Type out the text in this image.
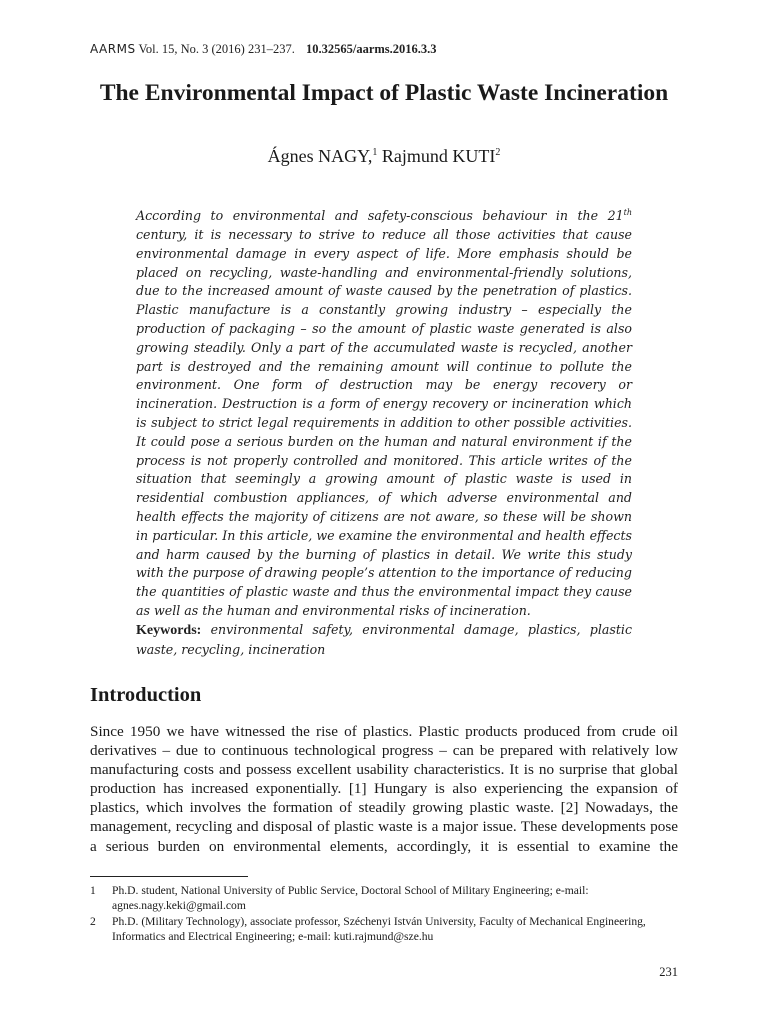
AARMS Vol. 15, No. 3 (2016) 231–237. 10.32565/aarms.2016.3.3
The Environmental Impact of Plastic Waste Incineration
Ágnes NAGY,$^1$ Rajmund KUTI$^2$

According to environmental and safety-conscious behaviour in the 21th century, it is necessary to strive to reduce all those activities that cause environmental damage in every aspect of life. More emphasis should be placed on recycling, waste-handling and environmental-friendly solutions, due to the increased amount of waste caused by the penetration of plastics. Plastic manufacture is a constantly growing industry – especially the production of packaging – so the amount of plastic waste generated is also growing steadily. Only a part of the accumulated waste is recycled, another part is destroyed and the remaining amount will continue to pollute the environment. One form of destruction may be energy recovery or incineration. Destruction is a form of energy recovery or incineration which is subject to strict legal requirements in addition to other possible activities. It could pose a serious burden on the human and natural environment if the process is not properly controlled and monitored. This article writes of the situation that seemingly a growing amount of plastic waste is used in residential combustion appliances, of which adverse environmental and health effects the majority of citizens are not aware, so these will be shown in particular. In this article, we examine the environmental and health effects and harm caused by the burning of plastics in detail. We write this study with the purpose of drawing people’s attention to the importance of reducing the quantities of plastic waste and thus the environmental impact they cause as well as the human and environmental risks of incineration.

Keywords: environmental safety, environmental damage, plastics, plastic waste, recycling, incineration

Introduction
Since 1950 we have witnessed the rise of plastics. Plastic products produced from crude oil derivatives – due to continuous technological progress – can be prepared with relatively low manufacturing costs and possess excellent usability characteristics. It is no surprise that global production has increased exponentially. [1] Hungary is also experiencing the expansion of plastics, which involves the formation of steadily growing plastic waste. [2] Nowadays, the management, recycling and disposal of plastic waste is a major issue. These developments pose a serious burden on environmental elements, accordingly, it is essential to examine the
1	Ph.D. student, National University of Public Service, Doctoral School of Military Engineering; e-mail: agnes.nagy.keki@gmail.com
2	Ph.D. (Military Technology), associate professor, Széchenyi István University, Faculty of Mechanical Engineering, Informatics and Electrical Engineering; e-mail: kuti.rajmund@sze.hu
231
